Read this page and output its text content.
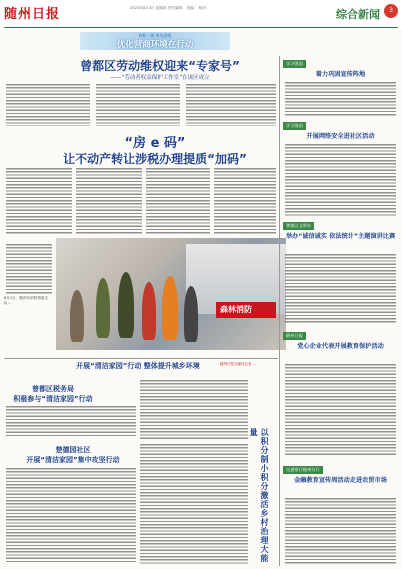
随州日报	2023年8月3日 星期四 责任编辑： 美编： 校对：	综合新闻	3
对标一流 争先创优
优化营商环境在行动
曾都区劳动维权迎来“专家号”
——“劳动者权益保护工作室”在该区成立
“房 e 码”
让不动产转让涉税办理提质“加码”
森林消防
8月1日，随州市消防救援支队...
开展“清洁家园”行动 整体提升城乡环境	随州日报全媒体记者 ...
曾都区税务局
积极参与“清洁家园”行动
楚德园社区
开展“清洁家园”集中攻坚行动	以积分制小积分激活乡村治理大能量
学习强国
着力巩固宣传阵地
学习强国
开展网络安全进社区活动
曾都区文明办
举办“诚信诚实 依法统计”主题演讲比赛
随州日报
党心企业代表开展教育保护活动
交通银行随州分行
金融教育宣传周活动走进农贸市场
